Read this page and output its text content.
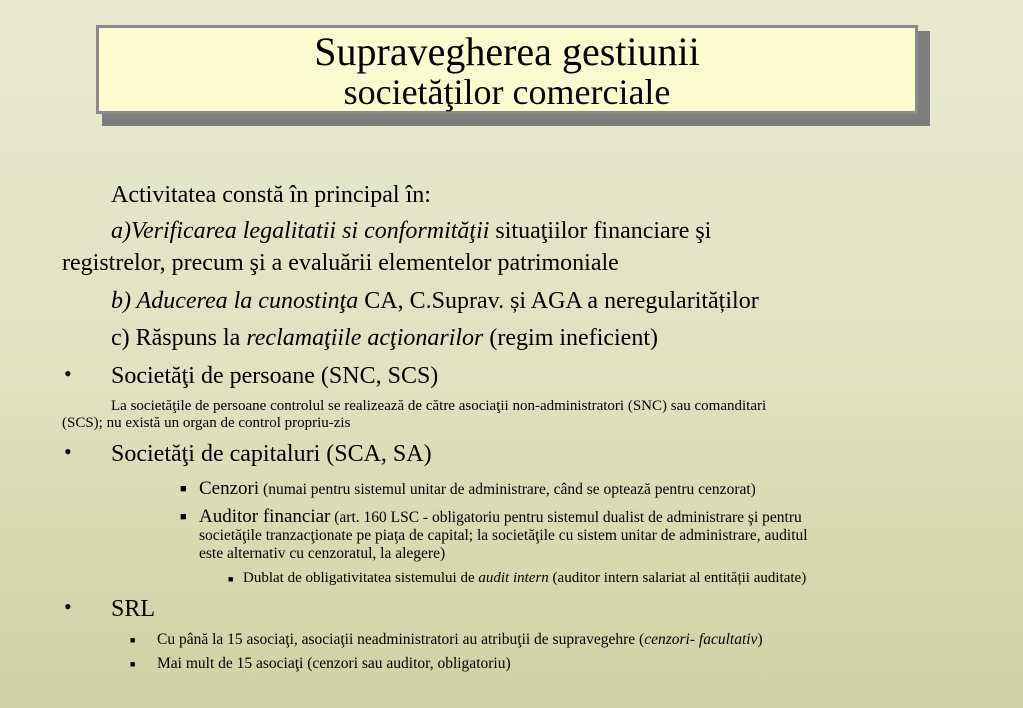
Supravegherea gestiunii
societăţilor comerciale
Activitatea constă în principal în:
a)Verificarea legalitatii si conformităţii situaţiilor financiare şi
registrelor, precum şi a evaluării elementelor patrimoniale
b) Aducerea la cunostinţa CA, C.Suprav. și AGA a neregularităților
c) Răspuns la reclamaţiile acţionarilor (regim ineficient)
• Societăţi de persoane (SNC, SCS)
La societăţile de persoane controlul se realizează de către asociaţii non-administratori (SNC) sau comanditari
(SCS); nu există un organ de control propriu-zis
• Societăţi de capitaluri (SCA, SA)
■ Cenzori (numai pentru sistemul unitar de administrare, când se optează pentru cenzorat)
■ Auditor financiar (art. 160 LSC - obligatoriu pentru sistemul dualist de administrare şi pentru
societăţile tranzacţionate pe piaţa de capital; la societăţile cu sistem unitar de administrare, auditul
este alternativ cu cenzoratul, la alegere)
■ Dublat de obligativitatea sistemului de audit intern (auditor intern salariat al entității auditate)
• SRL
■ Cu până la 15 asociaţi, asociaţii neadministratori au atribuţii de supravegehre (cenzori- facultativ)
■ Mai mult de 15 asociaţi (cenzori sau auditor, obligatoriu)
